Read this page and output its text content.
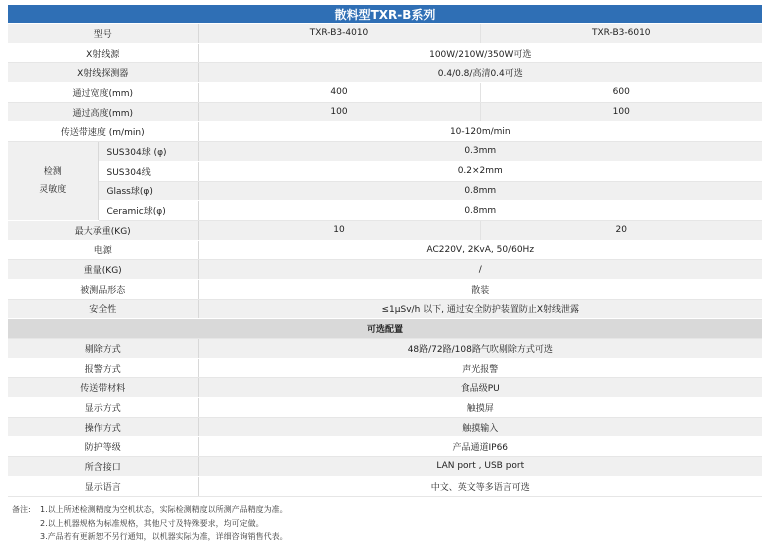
散料型TXR-B系列
型号		TXR-B3-4010	TXR-B3-6010
X射线源		100W/210W/350W可选	
X射线探测器		0.4/0.8/高清0.4可选	
通过宽度(mm)		400	600
通过高度(mm)		100	100
传送带速度 (m/min)		10-120m/min	
检测
灵敏度	SUS304球 (φ)	0.3mm	
	SUS304线	0.2×2mm	
	Glass球(φ)	0.8mm	
	Ceramic球(φ)	0.8mm	
最大承重(KG)		10	20
电源		AC220V, 2KvA, 50/60Hz	
重量(KG)		/	
被测品形态		散装	
安全性		≤1μSv/h 以下, 通过安全防护装置防止X射线泄露	
可选配置			
剔除方式		48路/72路/108路气吹剔除方式可选	
报警方式		声光报警	
传送带材料		食品级PU	
显示方式		触摸屏	
操作方式		触摸输入	
防护等级		产品通道IP66	
所含接口		LAN port , USB port	
显示语言		中文、英文等多语言可选	
备注:	1.以上所述检测精度为空机状态，实际检测精度以所测产品精度为准。
2.以上机器规格为标准规格，其他尺寸及特殊要求，均可定做。
3.产品若有更新恕不另行通知，以机器实际为准，详细咨询销售代表。
